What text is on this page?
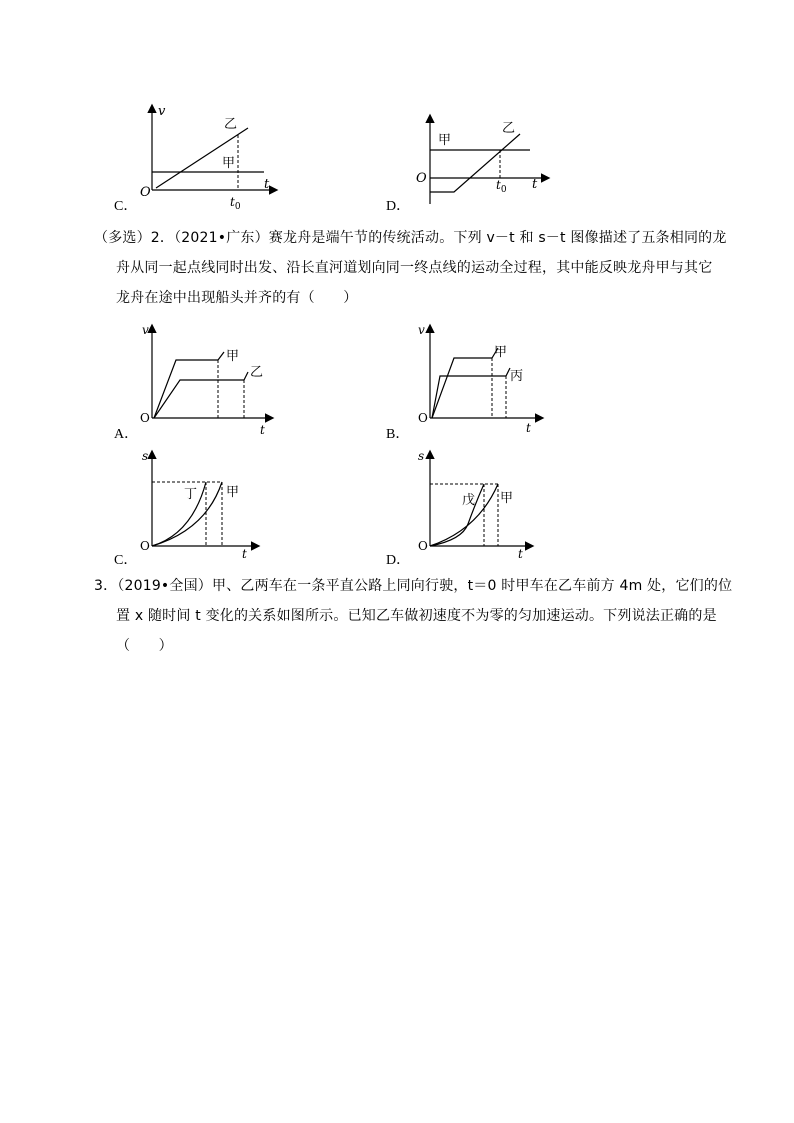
v
t
O
乙
甲
$t_0$
C．
O	t
甲
乙
$t_0$
D．
（多选）2．（2021•广东）赛龙舟是端午节的传统活动。下列 v－t 和 s－t 图像描述了五条相同的龙
舟从同一起点线同时出发、沿长直河道划向同一终点线的运动全过程，其中能反映龙舟甲与其它
龙舟在途中出现船头并齐的有（　　）
v
t
O
甲
乙
A．
v
t
O
甲
丙
B．
s
t
O
丁 甲
C．
s
t
O
戊 甲
D．
3．（2019•全国）甲、乙两车在一条平直公路上同向行驶，t＝0 时甲车在乙车前方 4m 处，它们的位
置 x 随时间 t 变化的关系如图所示。已知乙车做初速度不为零的匀加速运动。下列说法正确的是
（　　）
